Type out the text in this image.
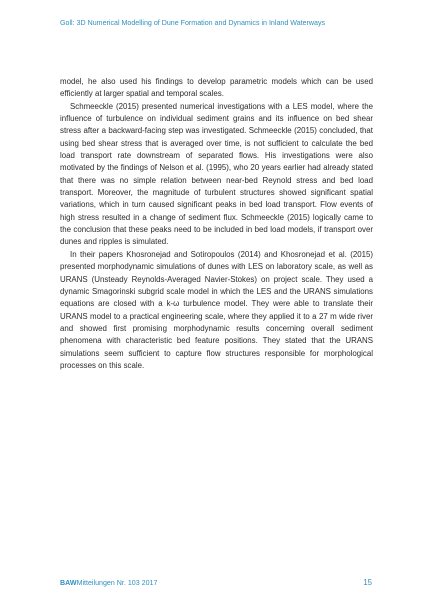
Goll: 3D Numerical Modelling of Dune Formation and Dynamics in Inland Waterways

model, he also used his findings to develop parametric models which can be used efficiently at larger spatial and temporal scales.

Schmeeckle (2015) presented numerical investigations with a LES model, where the influence of turbulence on individual sediment grains and its influence on bed shear stress after a backward-facing step was investigated. Schmeeckle (2015) concluded, that using bed shear stress that is averaged over time, is not sufficient to calculate the bed load transport rate downstream of separated flows. His investigations were also motivated by the findings of Nelson et al. (1995), who 20 years earlier had already stated that there was no simple relation between near-bed Reynold stress and bed load transport. Moreover, the magnitude of turbulent structures showed significant spatial variations, which in turn caused significant peaks in bed load transport. Flow events of high stress resulted in a change of sediment flux. Schmeeckle (2015) logically came to the conclusion that these peaks need to be included in bed load models, if transport over dunes and ripples is simulated.

In their papers Khosronejad and Sotiropoulos (2014) and Khosronejad et al. (2015) presented morphodynamic simulations of dunes with LES on laboratory scale, as well as URANS (Unsteady Reynolds-Averaged Navier-Stokes) on project scale. They used a dynamic Smagorinski subgrid scale model in which the LES and the URANS simulations equations are closed with a k-ω turbulence model. They were able to translate their URANS model to a practical engineering scale, where they applied it to a 27 m wide river and showed first promising morphodynamic results concerning overall sediment phenomena with characteristic bed feature positions. They stated that the URANS simulations seem sufficient to capture flow structures responsible for morphological processes on this scale.

BAWMitteilungen Nr. 103 2017	15
